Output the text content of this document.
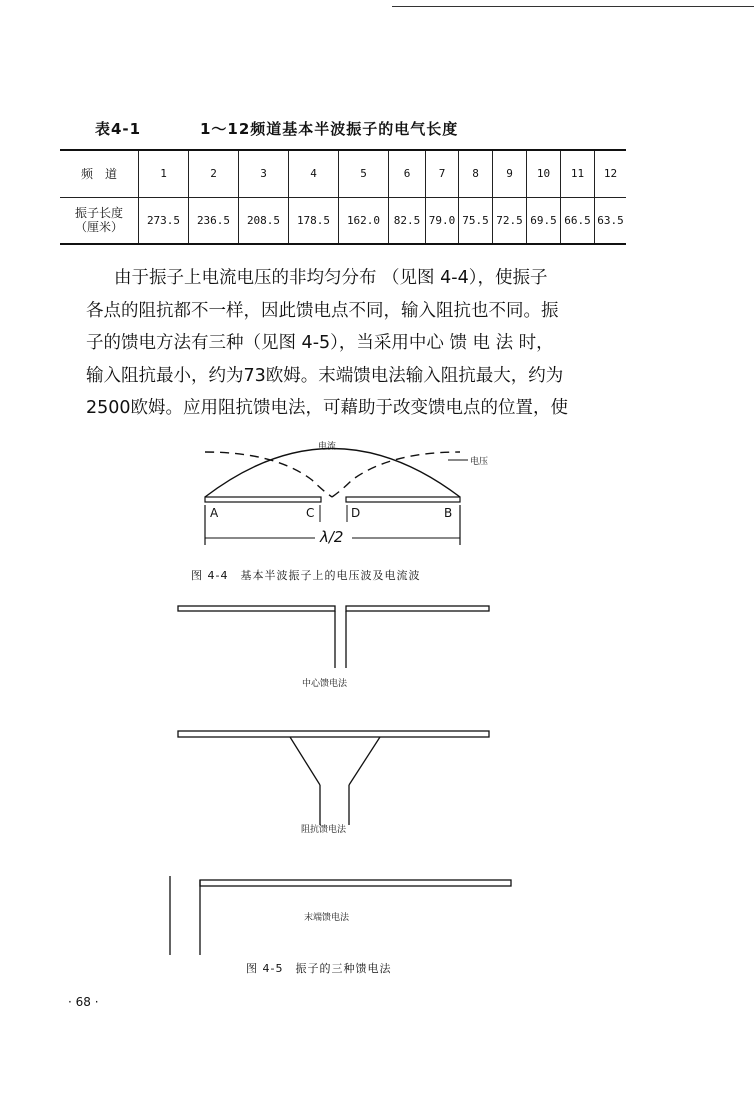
表4-1	1～12频道基本半波振子的电气长度
频　道	1	2	3	4	5	6	7	8	9	10	11	12
振子长度
（厘米）	273.5	236.5	208.5	178.5	162.0	82.5	79.0	75.5	72.5	69.5	66.5	63.5

由于振子上电流电压的非均匀分布 （见图 4-4），使振子

各点的阻抗都不一样，因此馈电点不同，输入阻抗也不同。振

子的馈电方法有三种（见图 4-5），当采用中心 馈 电 法 时，

输入阻抗最小，约为73欧姆。末端馈电法输入阻抗最大，约为

2500欧姆。应用阻抗馈电法，可藉助于改变馈电点的位置，使

电流
电压
A	C	D	B
λ/2
图 4-4　基本半波振子上的电压波及电流波
中心馈电法
阻抗馈电法
末端馈电法
图 4-5　振子的三种馈电法
· 68 ·
